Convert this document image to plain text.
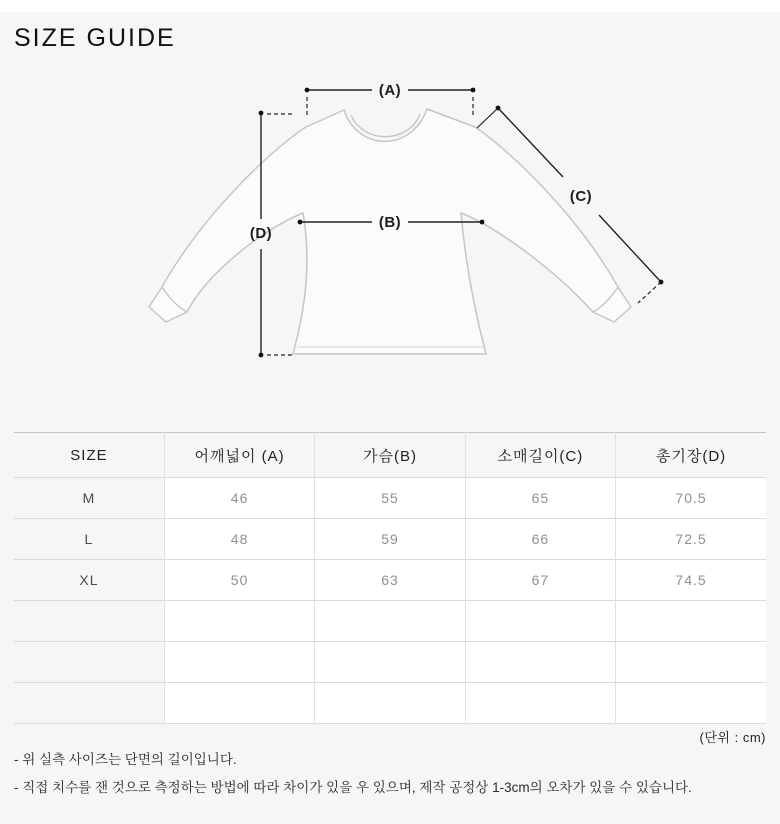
SIZE GUIDE
(A)
(B)
(C)
(D)
SIZE	어깨넓이 (A)	가슴(B)	소매길이(C)	총기장(D)
M	46	55	65	70.5
L	48	59	66	72.5
XL	50	63	67	74.5

(단위 : cm)
- 위 실측 사이즈는 단면의 길이입니다.
- 직접 치수를 잰 것으로 측정하는 방법에 따라 차이가 있을 우 있으며, 제작 공정상 1-3cm의 오차가 있을 수 있습니다.
